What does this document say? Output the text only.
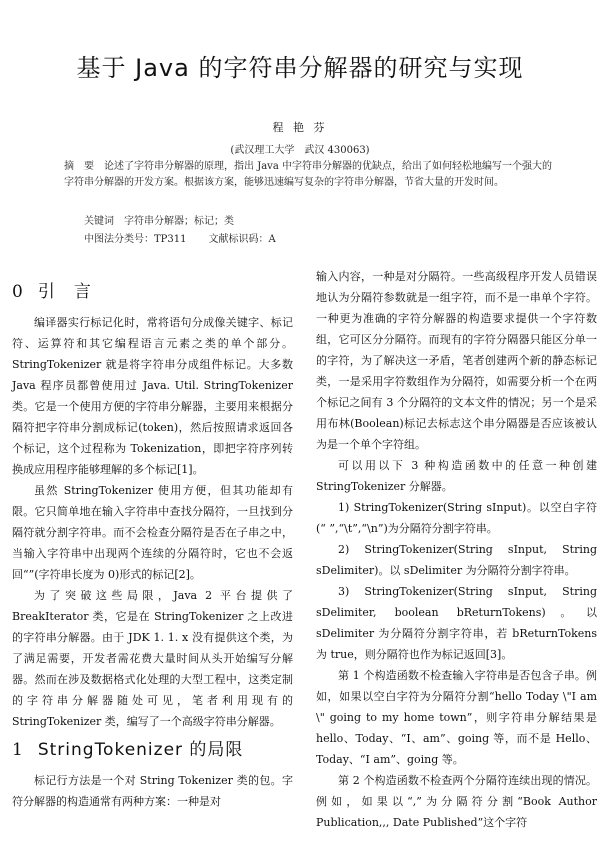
基于 Java 的字符串分解器的研究与实现
程 艳 芬
(武汉理工大学　武汉 430063)
摘　要　论述了字符串分解器的原理，指出 Java 中字符串分解器的优缺点，给出了如何轻松地编写一个强大的字符串分解器的开发方案。根据该方案，能够迅速编写复杂的字符串分解器，节省大量的开发时间。
关键词　字符串分解器；标记；类
中图法分类号：TP311 文献标识码：A
0 引　言

编译器实行标记化时，常将语句分成像关键字、标记符、运算符和其它编程语言元素之类的单个部分。StringTokenizer 就是将字符串分成组件标记。大多数 Java 程序员都曾使用过 Java. Util. StringTokenizer 类。它是一个使用方便的字符串分解器，主要用来根据分隔符把字符串分割成标记(token)，然后按照请求返回各个标记，这个过程称为 Tokenization，即把字符序列转换成应用程序能够理解的多个标记[1]。

虽然 StringTokenizer 使用方便，但其功能却有限。它只简单地在输入字符串中查找分隔符，一旦找到分隔符就分割字符串。而不会检查分隔符是否在子串之中，当输入字符串中出现两个连续的分隔符时，它也不会返回“”(字符串长度为 0)形式的标记[2]。

为了突破这些局限，Java 2 平台提供了 BreakIterator 类，它是在 StringTokenizer 之上改进的字符串分解器。由于 JDK 1. 1. x 没有提供这个类，为了满足需要，开发者需花费大量时间从头开始编写分解器。然而在涉及数据格式化处理的大型工程中，这类定制的字符串分解器随处可见，笔者利用现有的 StringTokenizer 类，编写了一个高级字符串分解器。

1 StringTokenizer 的局限

标记行方法是一个对 String Tokenizer 类的包。字符分解器的构造通常有两种方案：一种是对

输入内容，一种是对分隔符。一些高级程序开发人员错误地认为分隔符参数就是一组字符，而不是一串单个字符。一种更为准确的字符分解器的构造要求提供一个字符数组，它可区分分隔符。而现有的字符分隔器只能区分单一的字符，为了解决这一矛盾，笔者创建两个新的静态标记类，一是采用字符数组作为分隔符，如需要分析一个在两个标记之间有 3 个分隔符的文本文件的情况；另一个是采用布林(Boolean)标记去标志这个串分隔器是否应该被认为是一个单个字符组。

可以用以下 3 种构造函数中的任意一种创建 StringTokenizer 分解器。

1) StringTokenizer(String sInput)。以空白字符(“ ”,“\t”,“\n”)为分隔符分割字符串。

2) StringTokenizer(String sInput, String sDelimiter)。以 sDelimiter 为分隔符分割字符串。

3) StringTokenizer(String sInput, String sDelimiter, boolean bReturnTokens)。以 sDelimiter 为分隔符分割字符串，若 bReturnTokens 为 true，则分隔符也作为标记返回[3]。

第 1 个构造函数不检查输入字符串是否包含子串。例如，如果以空白字符为分隔符分割“hello Today \"I am \" going to my home town”，则字符串分解结果是 hello、Today、“I、am”、going 等，而不是 Hello、Today、“I am”、going 等。

第 2 个构造函数不检查两个分隔符连续出现的情况。例如，如果以“,”为分隔符分割“Book Author Publication,,, Date Published”这个字符
